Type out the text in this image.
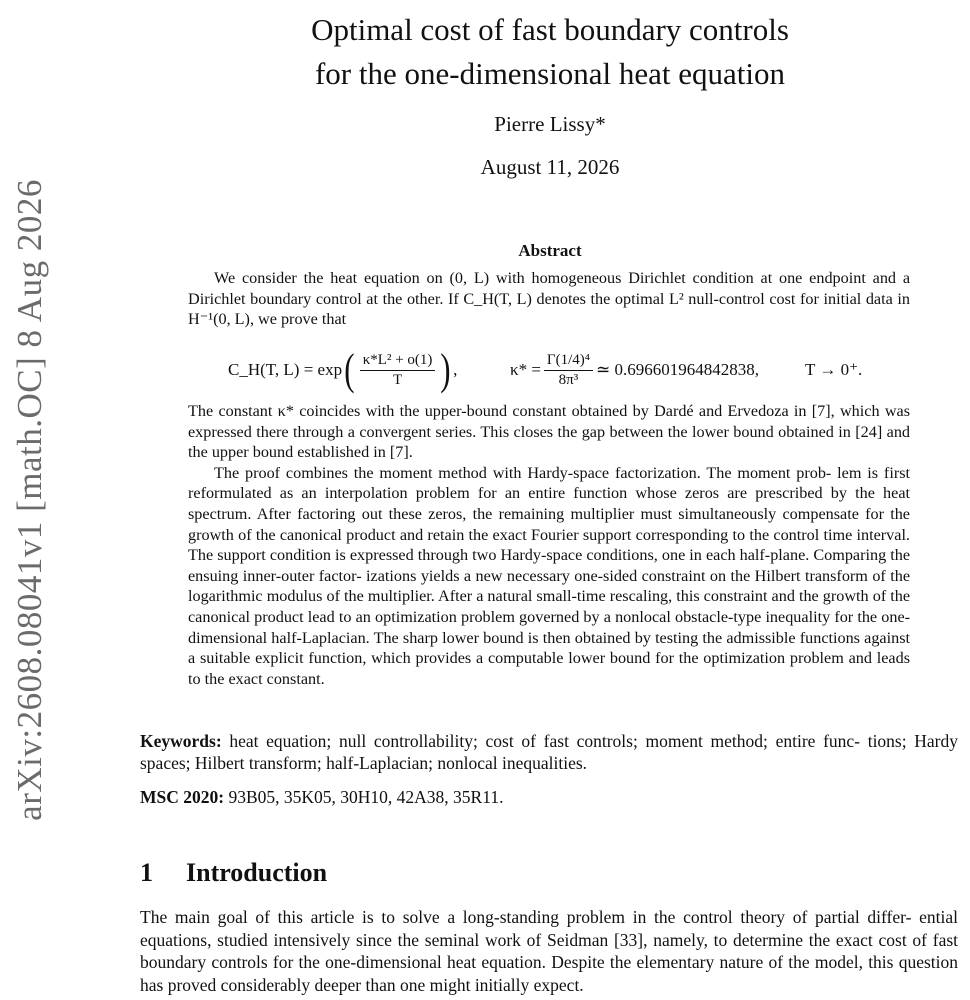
arXiv:2608.08041v1 [math.OC] 8 Aug 2026
Optimal cost of fast boundary controls
for the one-dimensional heat equation
Pierre Lissy*
August 11, 2026
Abstract

We consider the heat equation on (0, L) with homogeneous Dirichlet condition at one endpoint and a Dirichlet boundary control at the other. If C_H(T, L) denotes the optimal L² null-control cost for initial data in H⁻¹(0, L), we prove that

C_H(T, L) = exp ( $\frac{\text{κ*L² + o(1)}}{T}$ ) ,	$\kappa* = \frac{\text{Γ(1/4)⁴}}{\text{8π³}}$ ≃ 0.696601964842838,	T → 0⁺.

The constant κ* coincides with the upper-bound constant obtained by Dardé and Ervedoza in [7], which was expressed there through a convergent series. This closes the gap between the lower bound obtained in [24] and the upper bound established in [7].

The proof combines the moment method with Hardy-space factorization. The moment prob- lem is first reformulated as an interpolation problem for an entire function whose zeros are prescribed by the heat spectrum. After factoring out these zeros, the remaining multiplier must simultaneously compensate for the growth of the canonical product and retain the exact Fourier support corresponding to the control time interval. The support condition is expressed through two Hardy-space conditions, one in each half-plane. Comparing the ensuing inner-outer factor- izations yields a new necessary one-sided constraint on the Hilbert transform of the logarithmic modulus of the multiplier. After a natural small-time rescaling, this constraint and the growth of the canonical product lead to an optimization problem governed by a nonlocal obstacle-type inequality for the one-dimensional half-Laplacian. The sharp lower bound is then obtained by testing the admissible functions against a suitable explicit function, which provides a computable lower bound for the optimization problem and leads to the exact constant.

Keywords: heat equation; null controllability; cost of fast controls; moment method; entire func- tions; Hardy spaces; Hilbert transform; half-Laplacian; nonlocal inequalities.
MSC 2020: 93B05, 35K05, 30H10, 42A38, 35R11.
1 Introduction

The main goal of this article is to solve a long-standing problem in the control theory of partial differ- ential equations, studied intensively since the seminal work of Seidman [33], namely, to determine the exact cost of fast boundary controls for the one-dimensional heat equation. Despite the elementary nature of the model, this question has proved considerably deeper than one might initially expect.
